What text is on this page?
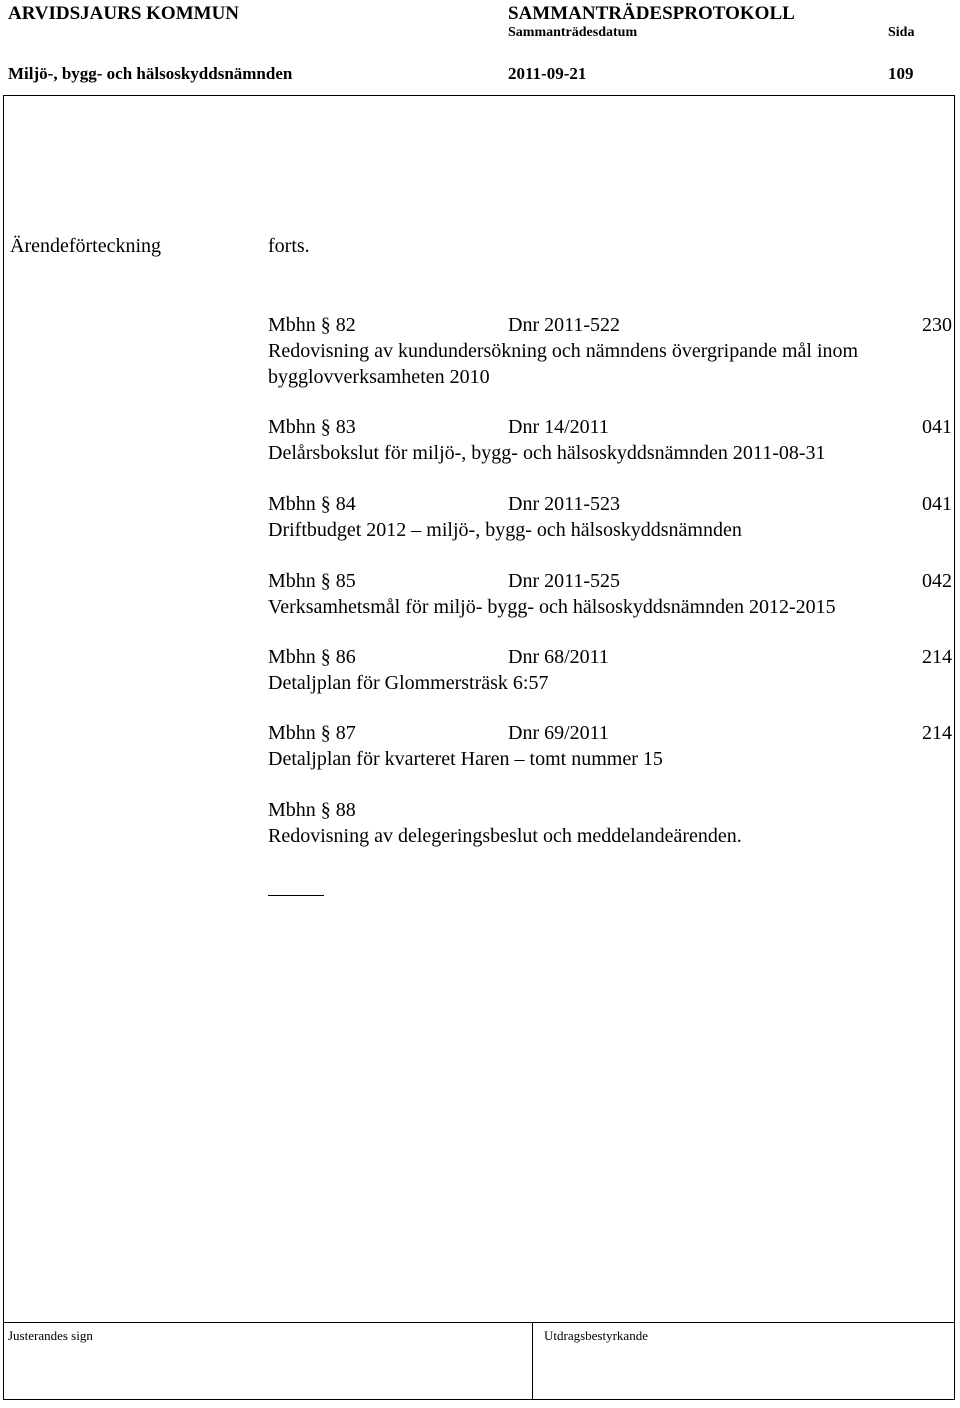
ARVIDSJAURS KOMMUN	SAMMANTRÄDESPROTOKOLL
Sammanträdesdatum	Sida
Miljö-, bygg- och hälsoskyddsnämnden	2011-09-21	109
Ärendeförteckning	forts.
Mbhn § 82	Dnr 2011-522	230
Redovisning av kundundersökning och nämndens övergripande mål inom bygglovverksamheten 2010
Mbhn § 83	Dnr 14/2011	041
Delårsbokslut för miljö-, bygg- och hälsoskyddsnämnden 2011-08-31
Mbhn § 84	Dnr 2011-523	041
Driftbudget 2012 – miljö-, bygg- och hälsoskyddsnämnden
Mbhn § 85	Dnr 2011-525	042
Verksamhetsmål för miljö- bygg- och hälsoskyddsnämnden 2012-2015
Mbhn § 86	Dnr 68/2011	214
Detaljplan för Glommersträsk 6:57
Mbhn § 87	Dnr 69/2011	214
Detaljplan för kvarteret Haren – tomt nummer 15
Mbhn § 88
Redovisning av delegeringsbeslut och meddelandeärenden.
Justerandes sign	Utdragsbestyrkande
